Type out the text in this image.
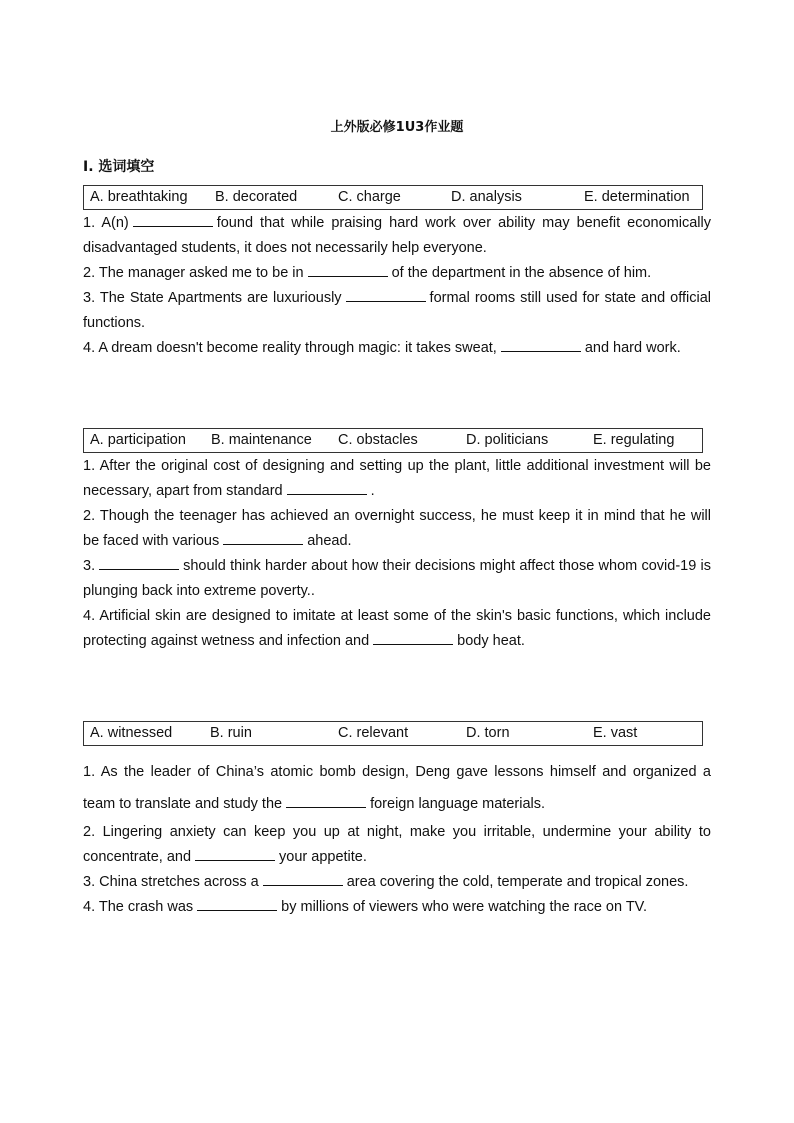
上外版必修1U3作业题
I. 选词填空
A. breathtaking B. decorated	C. charge	D. analysis	E. determination

1. A(n)	found that while praising hard work over ability may benefit economically disadvantaged students, it does not necessarily help everyone.

2. The manager asked me to be in	of the department in the absence of him.

3. The State Apartments are luxuriously	formal rooms still used for state and official functions.

4. A dream doesn't become reality through magic: it takes sweat,	and hard work.

A. participation B. maintenance C. obstacles	D. politicians	E. regulating

1. After the original cost of designing and setting up the plant, little additional investment will be necessary, apart from standard	.

2. Though the teenager has achieved an overnight success, he must keep it in mind that he will be faced with various	ahead.

3.	should think harder about how their decisions might affect those whom covid-19 is plunging back into extreme poverty..

4. Artificial skin are designed to imitate at least some of the skin's basic functions, which include protecting against wetness and infection and	body heat.

A. witnessed	B. ruin	C. relevant	D. torn	E. vast

1. As the leader of China’s atomic bomb design, Deng gave lessons himself and organized a team to translate and study the	foreign language materials.

2. Lingering anxiety can keep you up at night, make you irritable, undermine your ability to concentrate, and	your appetite.

3. China stretches across a	area covering the cold, temperate and tropical zones.

4. The crash was	by millions of viewers who were watching the race on TV.
